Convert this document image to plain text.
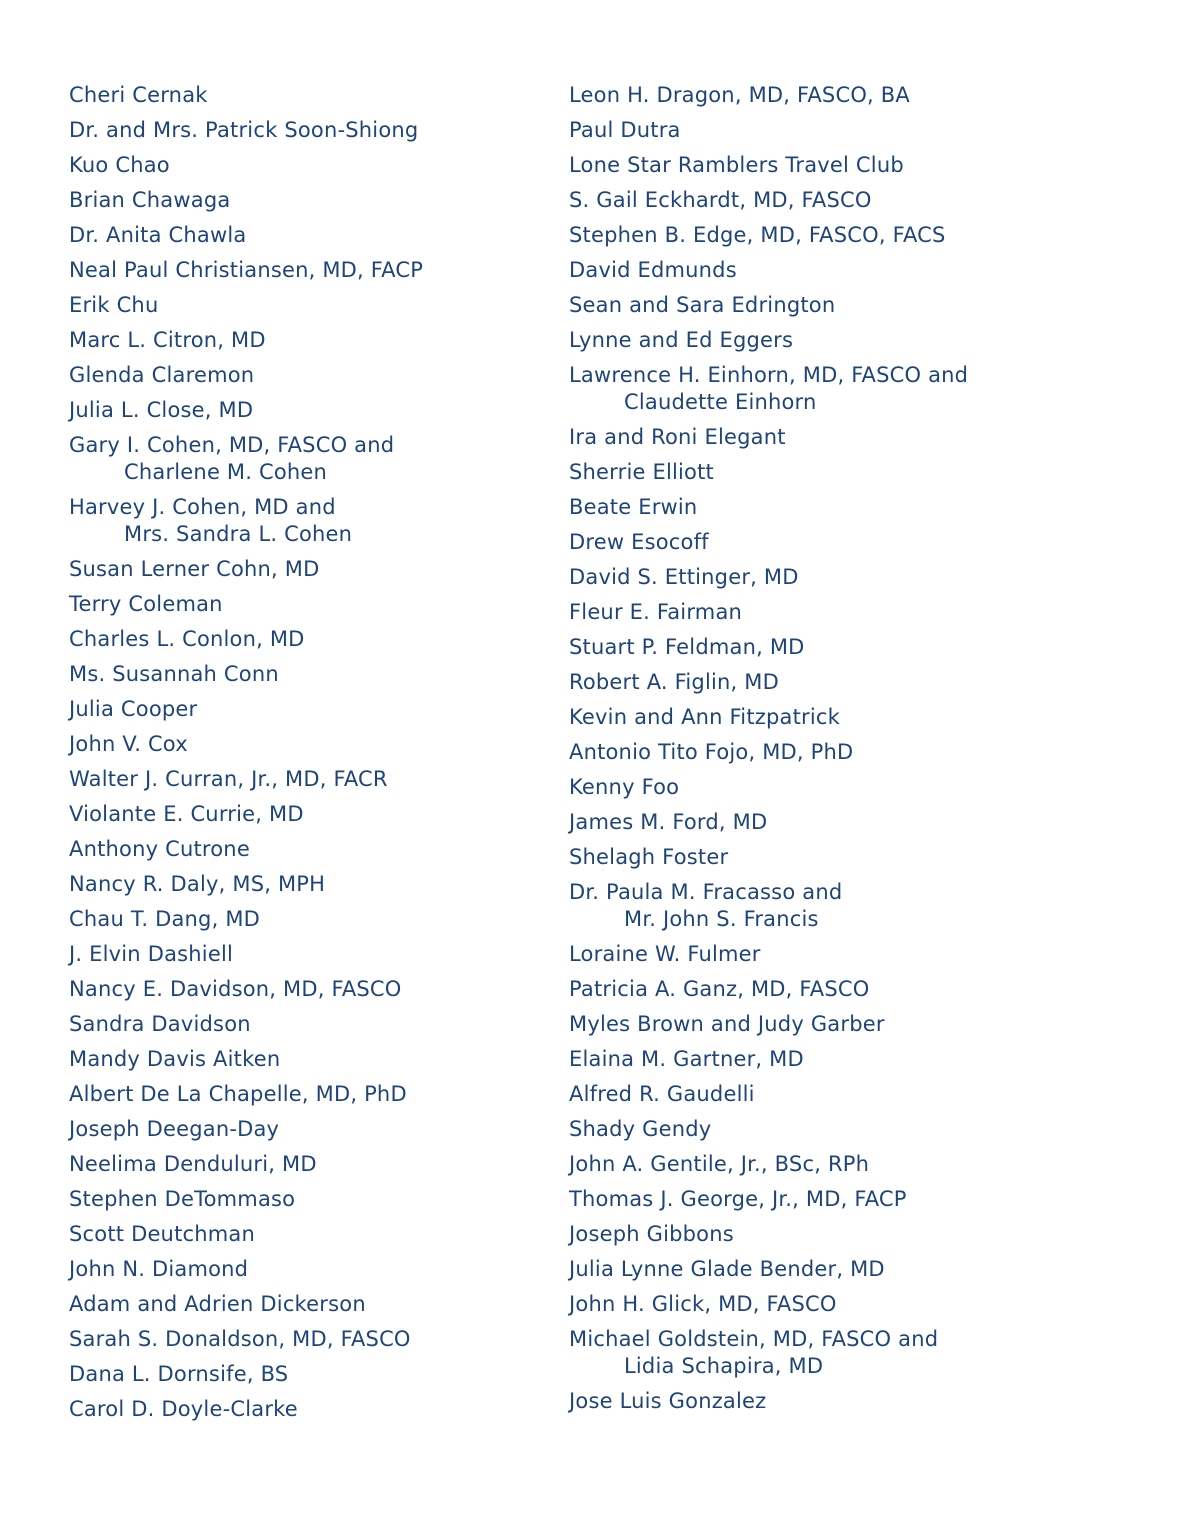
Cheri Cernak
Dr. and Mrs. Patrick Soon-Shiong
Kuo Chao
Brian Chawaga
Dr. Anita Chawla
Neal Paul Christiansen, MD, FACP
Erik Chu
Marc L. Citron, MD
Glenda Claremon
Julia L. Close, MD
Gary I. Cohen, MD, FASCO and
Charlene M. Cohen
Harvey J. Cohen, MD and
Mrs. Sandra L. Cohen
Susan Lerner Cohn, MD
Terry Coleman
Charles L. Conlon, MD
Ms. Susannah Conn
Julia Cooper
John V. Cox
Walter J. Curran, Jr., MD, FACR
Violante E. Currie, MD
Anthony Cutrone
Nancy R. Daly, MS, MPH
Chau T. Dang, MD
J. Elvin Dashiell
Nancy E. Davidson, MD, FASCO
Sandra Davidson
Mandy Davis Aitken
Albert De La Chapelle, MD, PhD
Joseph Deegan-Day
Neelima Denduluri, MD
Stephen DeTommaso
Scott Deutchman
John N. Diamond
Adam and Adrien Dickerson
Sarah S. Donaldson, MD, FASCO
Dana L. Dornsife, BS
Carol D. Doyle-Clarke
Leon H. Dragon, MD, FASCO, BA
Paul Dutra
Lone Star Ramblers Travel Club
S. Gail Eckhardt, MD, FASCO
Stephen B. Edge, MD, FASCO, FACS
David Edmunds
Sean and Sara Edrington
Lynne and Ed Eggers
Lawrence H. Einhorn, MD, FASCO and
Claudette Einhorn
Ira and Roni Elegant
Sherrie Elliott
Beate Erwin
Drew Esocoff
David S. Ettinger, MD
Fleur E. Fairman
Stuart P. Feldman, MD
Robert A. Figlin, MD
Kevin and Ann Fitzpatrick
Antonio Tito Fojo, MD, PhD
Kenny Foo
James M. Ford, MD
Shelagh Foster
Dr. Paula M. Fracasso and
Mr. John S. Francis
Loraine W. Fulmer
Patricia A. Ganz, MD, FASCO
Myles Brown and Judy Garber
Elaina M. Gartner, MD
Alfred R. Gaudelli
Shady Gendy
John A. Gentile, Jr., BSc, RPh
Thomas J. George, Jr., MD, FACP
Joseph Gibbons
Julia Lynne Glade Bender, MD
John H. Glick, MD, FASCO
Michael Goldstein, MD, FASCO and
Lidia Schapira, MD
Jose Luis Gonzalez
